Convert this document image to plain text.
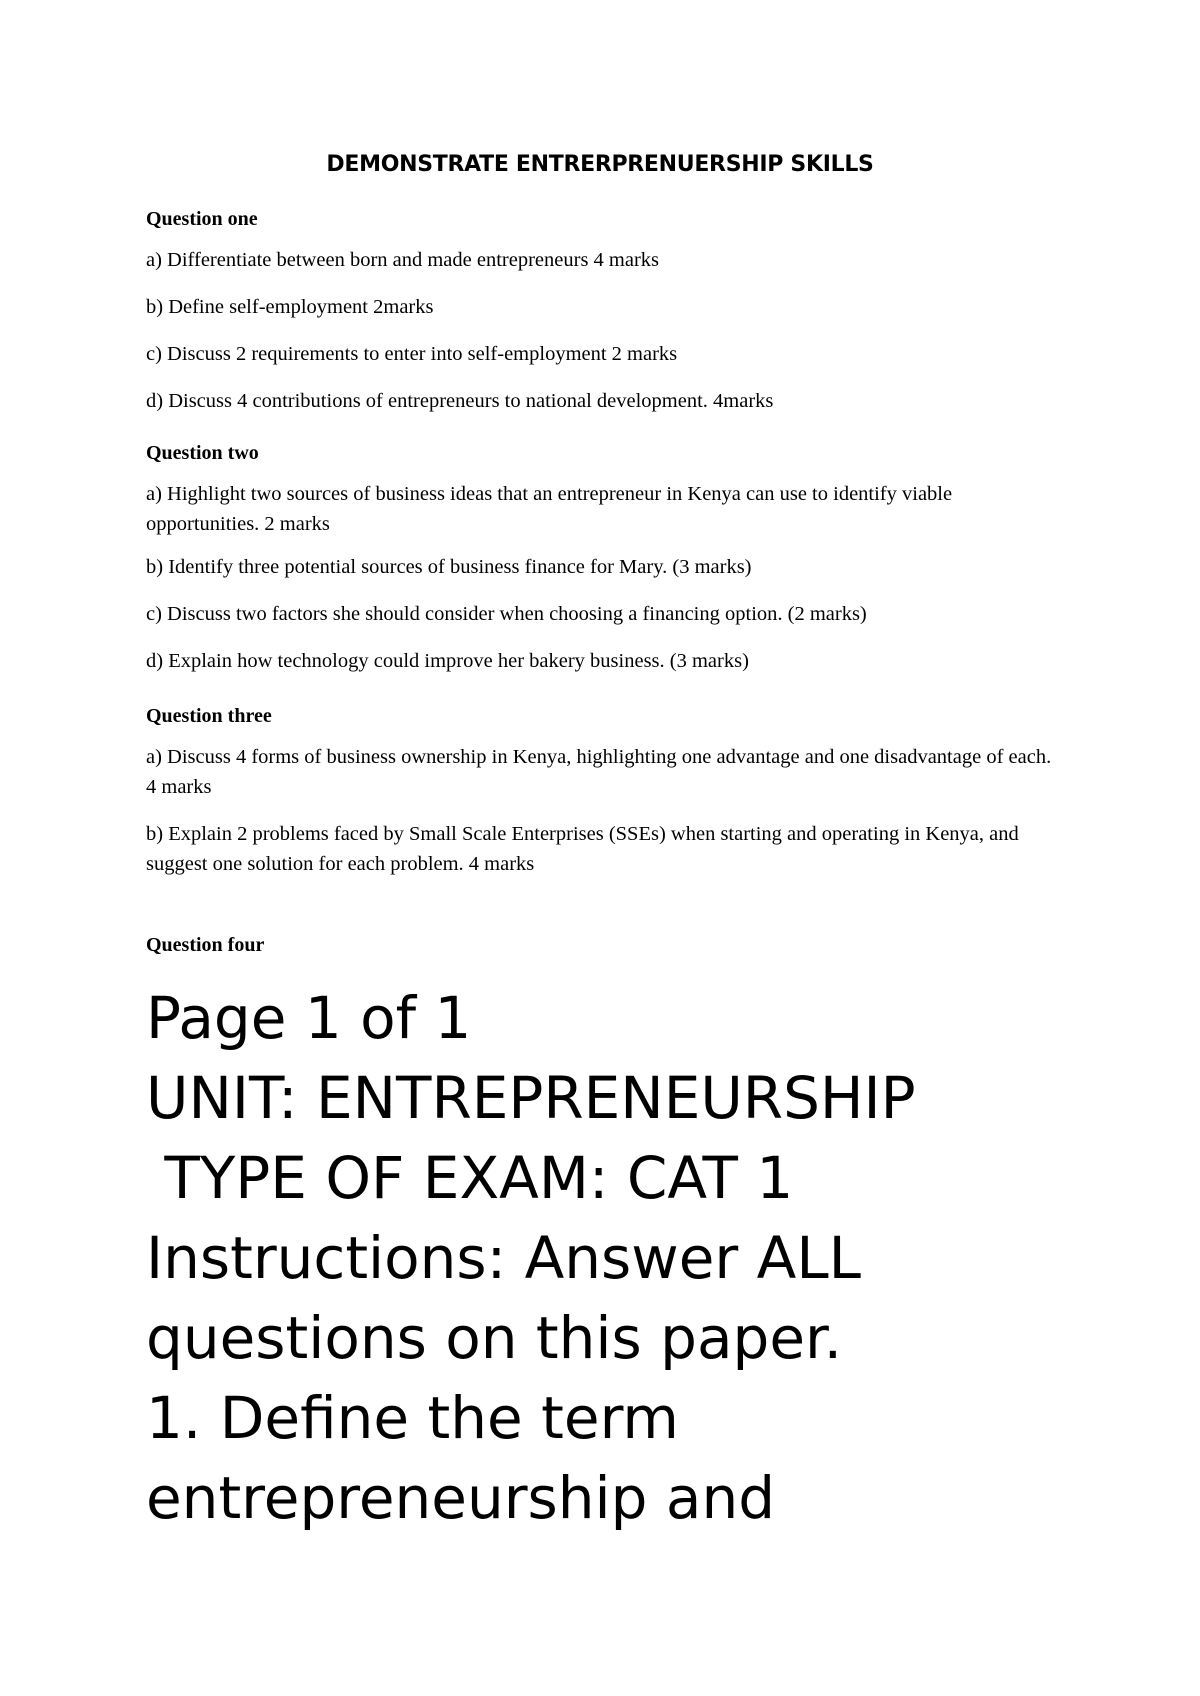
DEMONSTRATE ENTRERPRENUERSHIP SKILLS

Question one

a) Differentiate between born and made entrepreneurs 4 marks

b) Define self-employment 2marks

c) Discuss 2 requirements to enter into self-employment 2 marks

d) Discuss 4 contributions of entrepreneurs to national development. 4marks

Question two

a) Highlight two sources of business ideas that an entrepreneur in Kenya can use to identify viable opportunities. 2 marks

b) Identify three potential sources of business finance for Mary. (3 marks)

c) Discuss two factors she should consider when choosing a financing option. (2 marks)

d) Explain how technology could improve her bakery business. (3 marks)

Question three

a) Discuss 4 forms of business ownership in Kenya, highlighting one advantage and one disadvantage of each. 4 marks

b) Explain 2 problems faced by Small Scale Enterprises (SSEs) when starting and operating in Kenya, and suggest one solution for each problem. 4 marks

Question four

Page 1 of 1
UNIT: ENTREPRENEURSHIP
TYPE OF EXAM: CAT 1
Instructions: Answer ALL
questions on this paper.
1. Define the term
entrepreneurship and
